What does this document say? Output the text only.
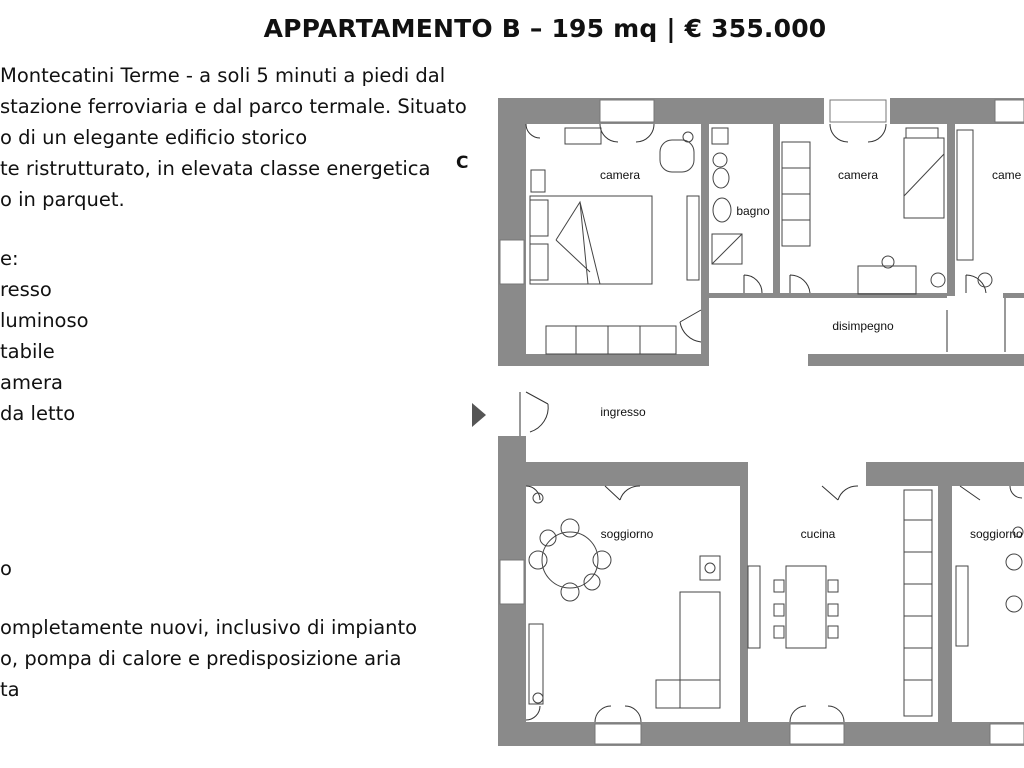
APPARTAMENTO B – 195 mq | € 355.000
Montecatini Terme - a soli 5 minuti a piedi dal
stazione ferroviaria e dal parco termale. Situato
o di un elegante edificio storico
te ristrutturato, in elevata classe energetica
o in parquet.
C
e:
resso
luminoso
tabile
amera
da letto
o
ompletamente nuovi, inclusivo di impianto
o, pompa di calore e predisposizione aria
ta
camera
bagno
camera	came
disimpegno
ingresso
soggiorno	cucina	soggiorno
